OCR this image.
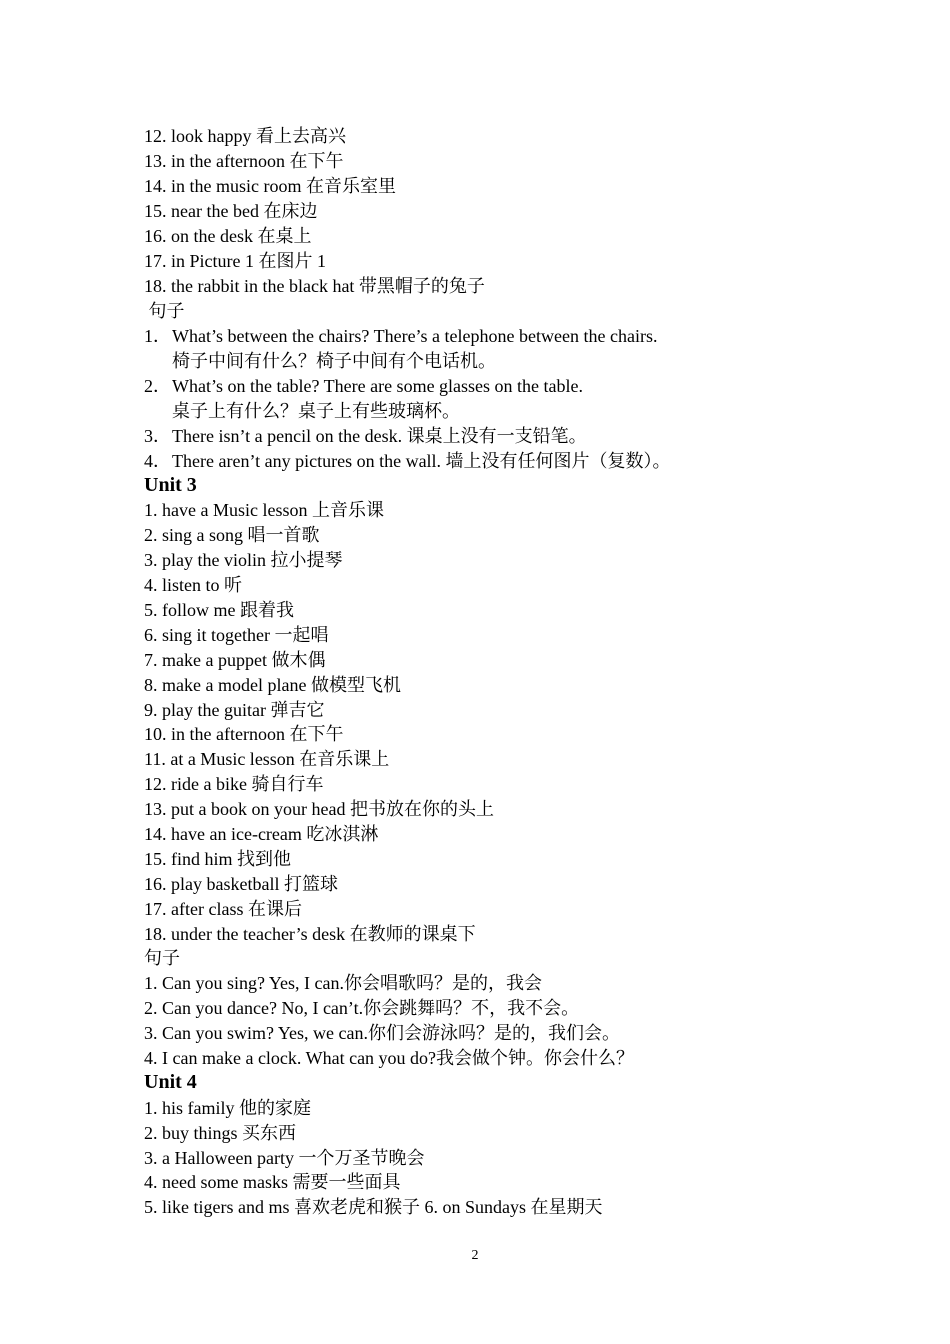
12. look happy 看上去高兴
13. in the afternoon 在下午
14. in the music room 在音乐室里
15. near the bed 在床边
16. on the desk 在桌上
17. in Picture 1 在图片 1
18. the rabbit in the black hat 带黑帽子的兔子
句子
1．What’s between the chairs? There’s a telephone between the chairs.
椅子中间有什么？椅子中间有个电话机。
2．What’s on the table? There are some glasses on the table.
桌子上有什么？桌子上有些玻璃杯。
3．There isn’t a pencil on the desk. 课桌上没有一支铅笔。
4．There aren’t any pictures on the wall. 墙上没有任何图片（复数）。
Unit 3
1. have a Music lesson 上音乐课
2. sing a song 唱一首歌
3. play the violin 拉小提琴
4. listen to 听
5. follow me 跟着我
6. sing it together 一起唱
7. make a puppet 做木偶
8. make a model plane 做模型飞机
9. play the guitar 弹吉它
10. in the afternoon 在下午
11. at a Music lesson 在音乐课上
12. ride a bike 骑自行车
13. put a book on your head 把书放在你的头上
14. have an ice-cream 吃冰淇淋
15. find him 找到他
16. play basketball 打篮球
17. after class 在课后
18. under the teacher’s desk 在教师的课桌下
句子
1. Can you sing? Yes, I can.你会唱歌吗？是的，我会
2. Can you dance? No, I can’t.你会跳舞吗？不，我不会。
3. Can you swim? Yes, we can.你们会游泳吗？是的，我们会。
4. I can make a clock. What can you do?我会做个钟。你会什么？
Unit 4
1. his family 他的家庭
2. buy things 买东西
3. a Halloween party 一个万圣节晚会
4. need some masks 需要一些面具
5. like tigers and ms 喜欢老虎和猴子 6. on Sundays 在星期天
2
